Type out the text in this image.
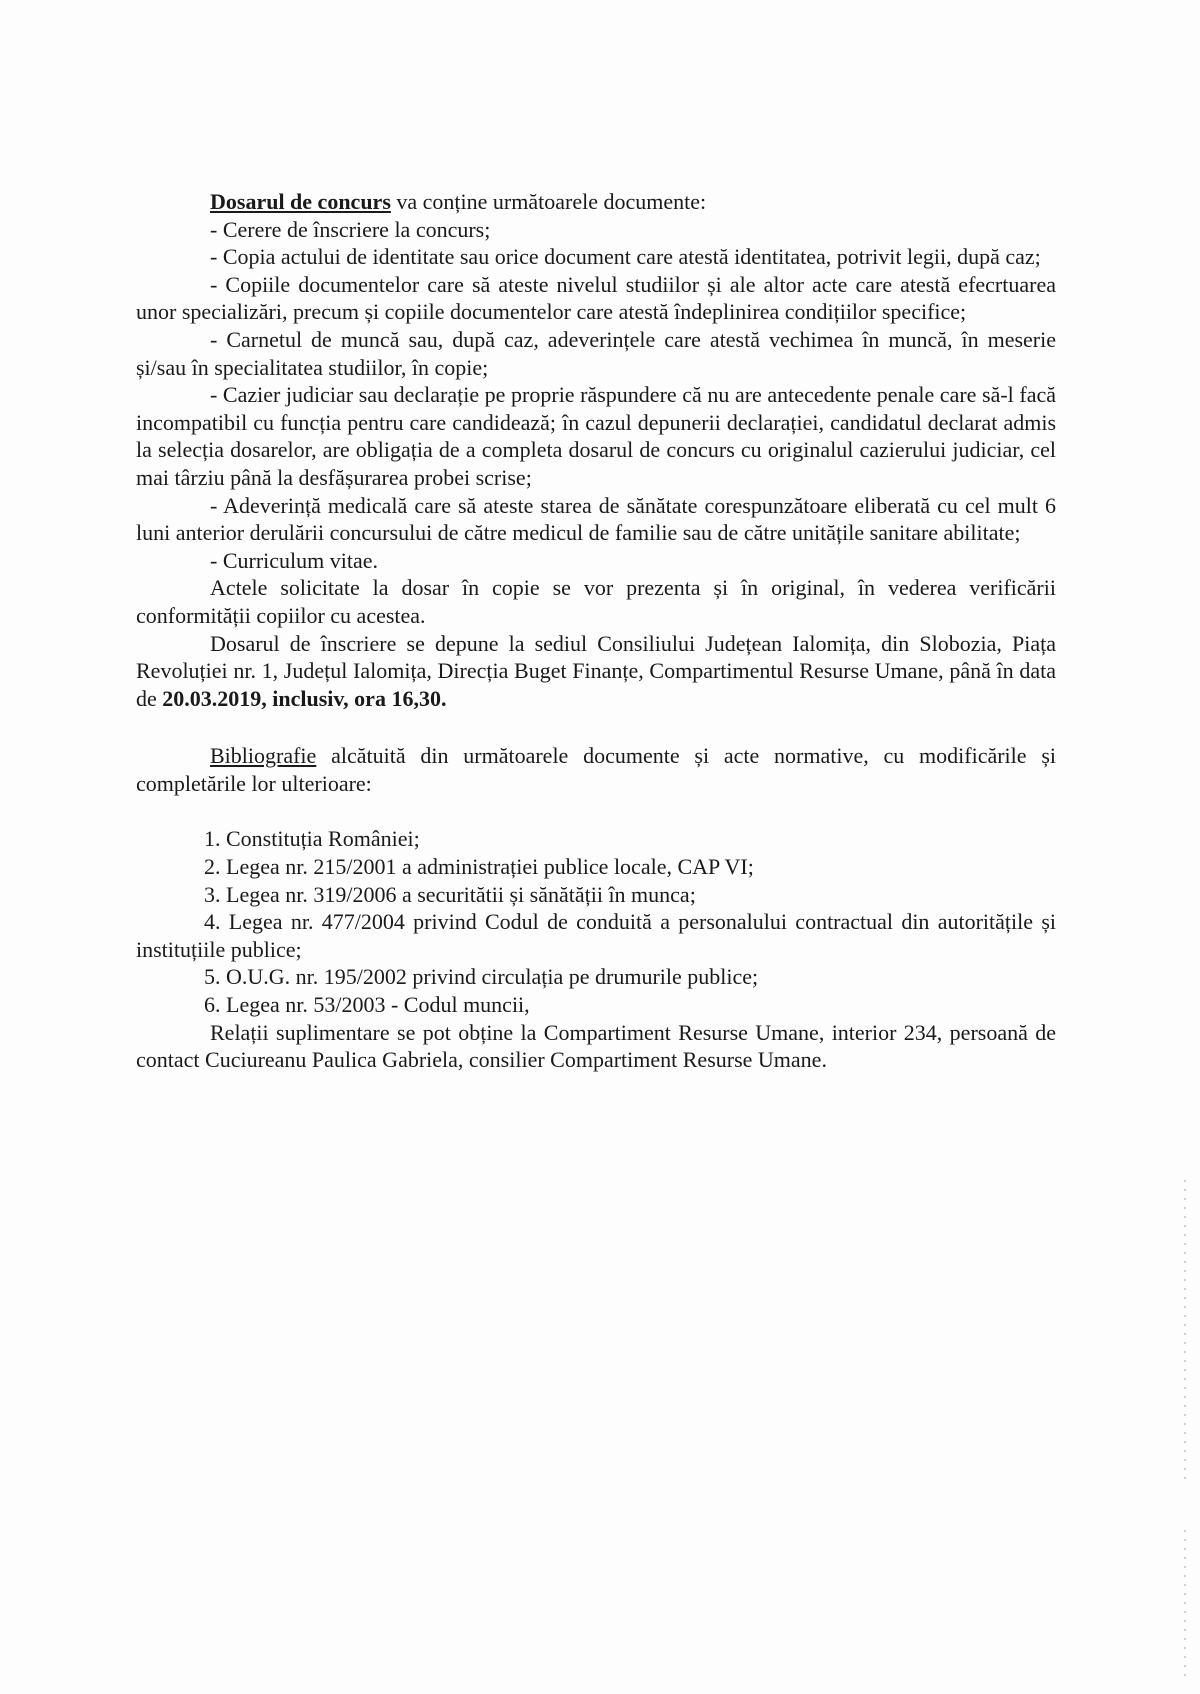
Dosarul de concurs va conține următoarele documente:

- Cerere de înscriere la concurs;

- Copia actului de identitate sau orice document care atestă identitatea, potrivit legii, după caz;

- Copiile documentelor care să ateste nivelul studiilor și ale altor acte care atestă efecrtuarea unor specializări, precum și copiile documentelor care atestă îndeplinirea condițiilor specifice;

- Carnetul de muncă sau, după caz, adeverințele care atestă vechimea în muncă, în meserie și/sau în specialitatea studiilor, în copie;

- Cazier judiciar sau declarație pe proprie răspundere că nu are antecedente penale care să-l facă incompatibil cu funcția pentru care candidează; în cazul depunerii declarației, candidatul declarat admis la selecția dosarelor, are obligația de a completa dosarul de concurs cu originalul cazierului judiciar, cel mai târziu până la desfășurarea probei scrise;

- Adeverință medicală care să ateste starea de sănătate corespunzătoare eliberată cu cel mult 6 luni anterior derulării concursului de către medicul de familie sau de către unitățile sanitare abilitate;

- Curriculum vitae.

Actele solicitate la dosar în copie se vor prezenta și în original, în vederea verificării conformității copiilor cu acestea.

Dosarul de înscriere se depune la sediul Consiliului Județean Ialomița, din Slobozia, Piața Revoluției nr. 1, Județul Ialomița, Direcția Buget Finanțe, Compartimentul Resurse Umane, până în data de 20.03.2019, inclusiv, ora 16,30.

Bibliografie alcătuită din următoarele documente și acte normative, cu modificările și completările lor ulterioare:

1. Constituția României;

2. Legea nr. 215/2001 a administrației publice locale, CAP VI;

3. Legea nr. 319/2006 a securitătii și sănătății în munca;

4. Legea nr. 477/2004 privind Codul de conduită a personalului contractual din autoritățile și instituțiile publice;

5. O.U.G. nr. 195/2002 privind circulația pe drumurile publice;

6. Legea nr. 53/2003 - Codul muncii,

Relații suplimentare se pot obține la Compartiment Resurse Umane, interior 234, persoană de contact Cuciureanu Paulica Gabriela, consilier Compartiment Resurse Umane.
